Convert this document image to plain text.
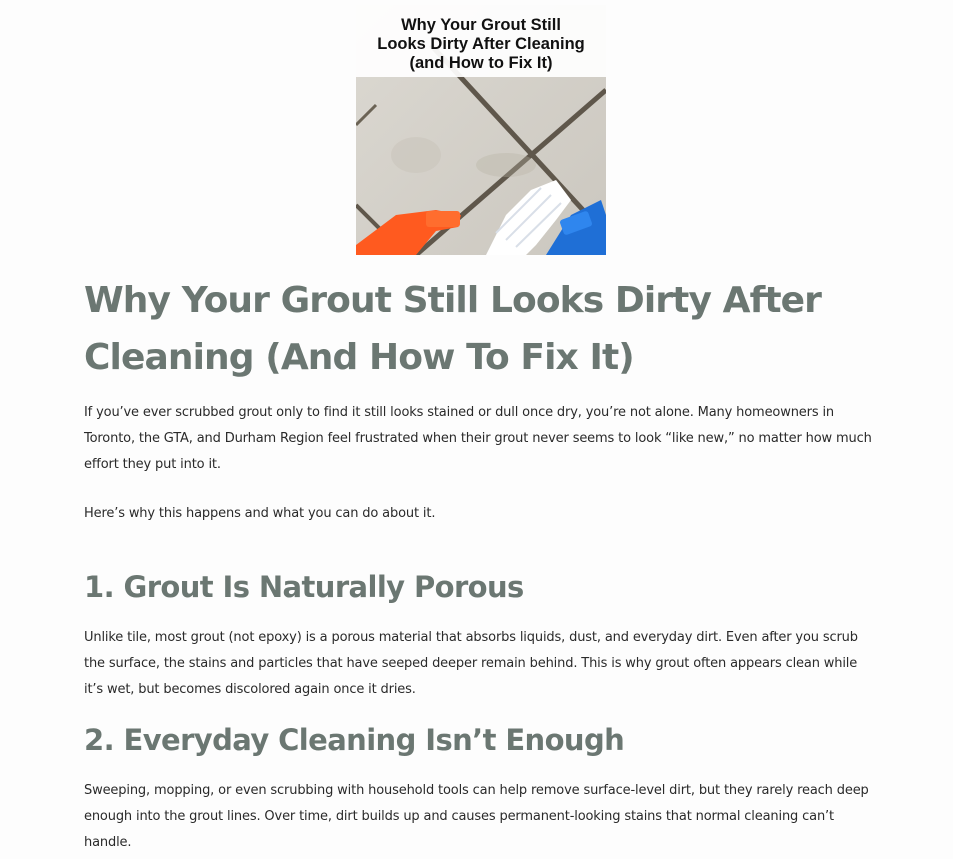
Why Your Grout Still
Looks Dirty After Cleaning
(and How to Fix It)
Why Your Grout Still Looks Dirty After Cleaning (And How To Fix It)

If you’ve ever scrubbed grout only to find it still looks stained or dull once dry, you’re not alone. Many homeowners in Toronto, the GTA, and Durham Region feel frustrated when their grout never seems to look “like new,” no matter how much effort they put into it.

Here’s why this happens and what you can do about it.

1. Grout Is Naturally Porous

Unlike tile, most grout (not epoxy) is a porous material that absorbs liquids, dust, and everyday dirt. Even after you scrub the surface, the stains and particles that have seeped deeper remain behind. This is why grout often appears clean while it’s wet, but becomes discolored again once it dries.

2. Everyday Cleaning Isn’t Enough

Sweeping, mopping, or even scrubbing with household tools can help remove surface-level dirt, but they rarely reach deep enough into the grout lines. Over time, dirt builds up and causes permanent-looking stains that normal cleaning can’t handle.
